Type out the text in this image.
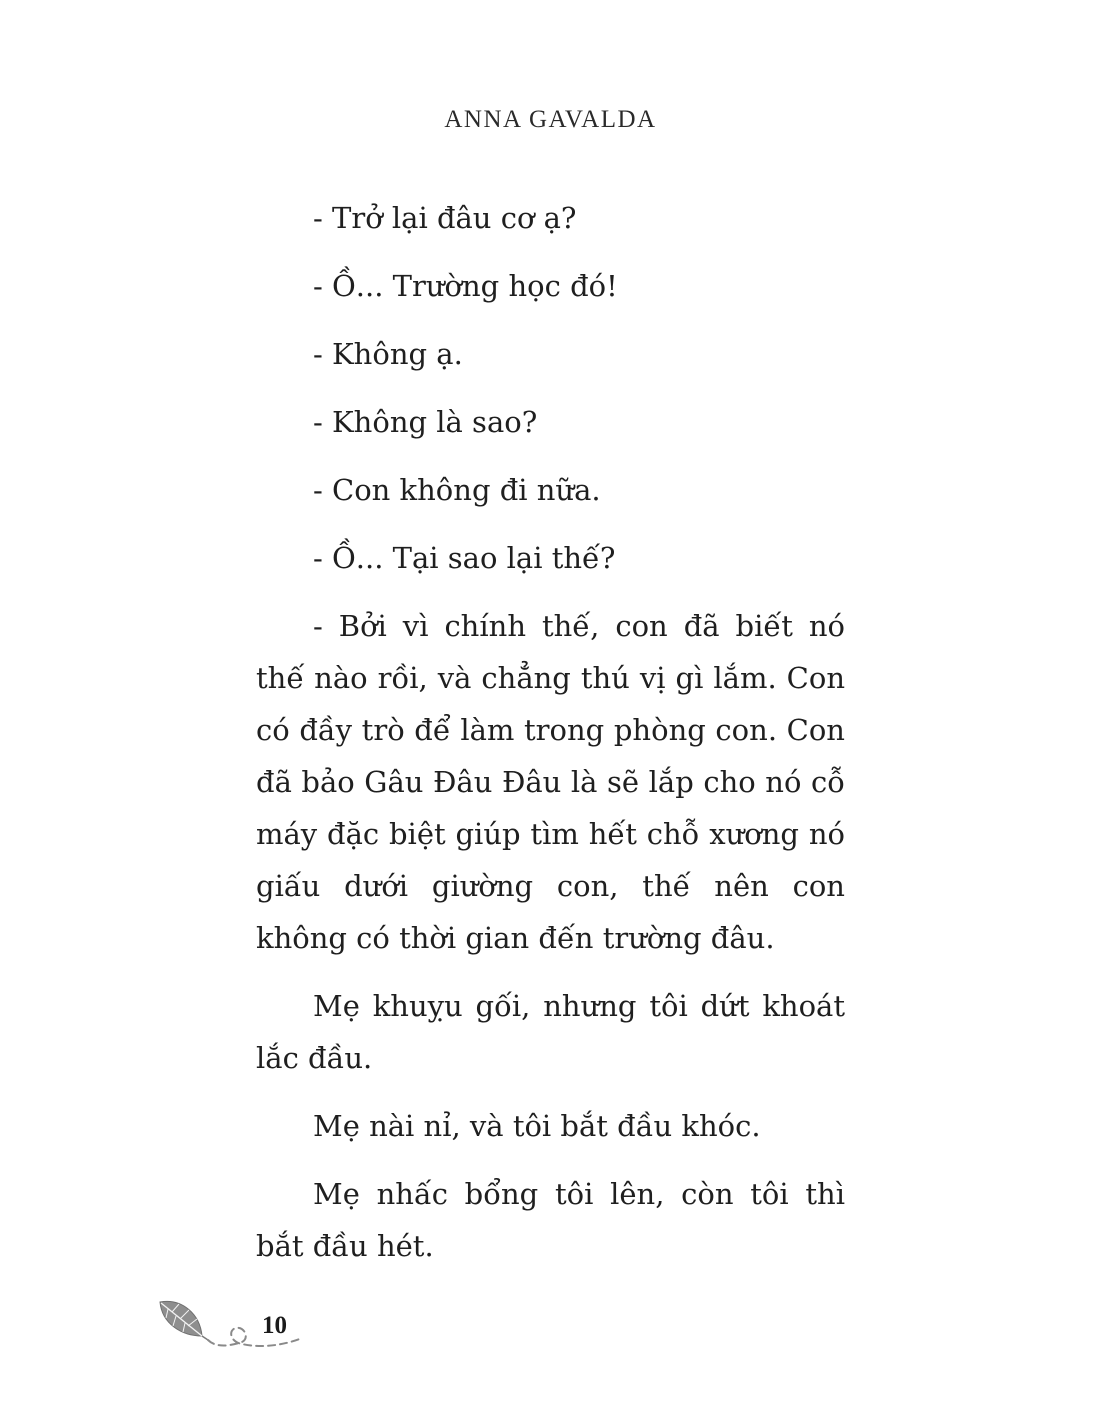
ANNA GAVALDA

- Trở lại đâu cơ ạ?

- Ồ... Trường học đó!

- Không ạ.

- Không là sao?

- Con không đi nữa.

- Ồ... Tại sao lại thế?

- Bởi vì chính thế, con đã biết nó thế nào rồi, và chẳng thú vị gì lắm. Con có đầy trò để làm trong phòng con. Con đã bảo Gâu Đâu Đâu là sẽ lắp cho nó cỗ máy đặc biệt giúp tìm hết chỗ xương nó giấu dưới giường con, thế nên con không có thời gian đến trường đâu.

Mẹ khuỵu gối, nhưng tôi dứt khoát lắc đầu.

Mẹ nài nỉ, và tôi bắt đầu khóc.

Mẹ nhấc bổng tôi lên, còn tôi thì bắt đầu hét.

10
